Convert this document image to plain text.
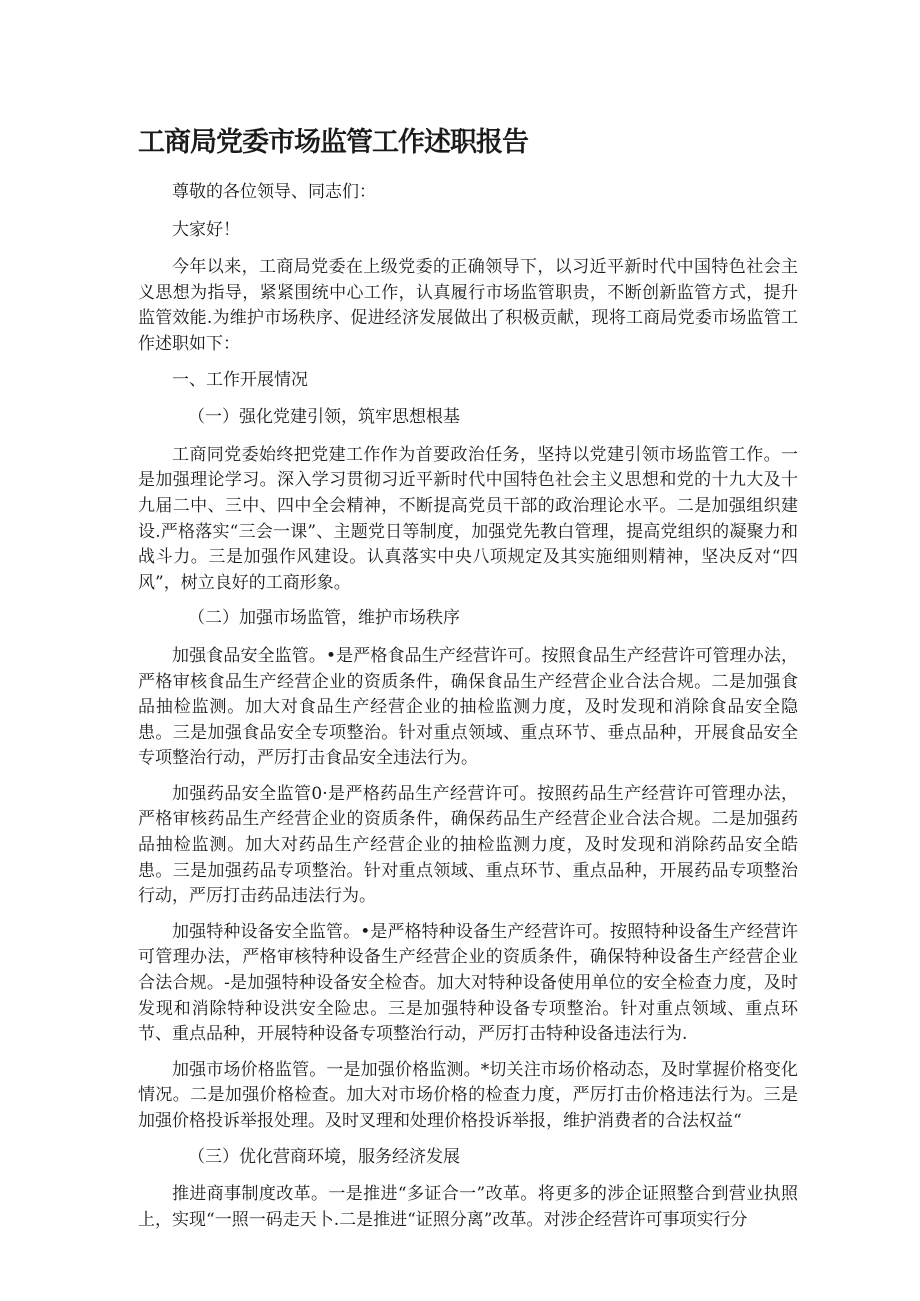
工商局党委市场监管工作述职报告

尊敬的各位领导、同志们：

大家好！

今年以来，工商局党委在上级党委的正确领导下，以习近平新时代中国特色社会主义思想为指导，紧紧围统中心工作，认真履行市场监管职贵，不断创新监管方式，提升监管效能.为维护市场秩序、促进经济发展做出了积极贡献，现将工商局党委市场监管工作述职如下：

一、工作开展情况

（一）强化党建引领，筑牢思想根基

工商同党委始终把党建工作作为首要政治任务，坚持以党建引领市场监管工作。一是加强理论学习。深入学习贯彻习近平新时代中国特色社会主义思想和党的十九大及十九届二中、三中、四中全会精神，不断提高党员干部的政治理论水平。二是加强组织建设.严格落实“三会一课”、主题党日等制度，加强党先教白管理，提高党组织的凝聚力和战斗力。三是加强作风建设。认真落实中央八项规定及其实施细则精神，坚决反对“四风”，树立良好的工商形象。

（二）加强市场监管，维护市场秩序

加强食品安全监管。•是严格食品生产经营许可。按照食品生产经营许可管理办法，严格审核食品生产经营企业的资质条件，确保食品生产经营企业合法合规。二是加强食品抽检监测。加大对食品生产经营企业的抽检监测力度，及时发现和消除食品安全隐患。三是加强食品安全专项整治。针对重点领域、重点环节、垂点品种，开展食品安全专项整治行动，严厉打击食品安全违法行为。

加强药品安全监管0·是严格药品生产经营许可。按照药品生产经营许可管理办法，严格审核药品生产经营企业的资质条件，确保药品生产经营企业合法合规。二是加强药品抽检监测。加大对药品生产经营企业的抽检监测力度，及时发现和消除药品安全皓患。三是加强药品专项整治。针对重点领域、重点环节、重点品种，开展药品专项整治行动，严厉打击药品违法行为。

加强特种设备安全监管。•是严格特种设备生产经营许可。按照特种设备生产经营许可管理办法，严格审核特种设备生产经营企业的资质条件，确保特种设备生产经营企业合法合规。-是加强特种设备安全检杳。加大对特种设备使用单位的安全检查力度，及时发现和消除特种设洪安全险忠。三是加强特种设备专项整治。针对重点领域、重点环节、重点品种，开展特种设备专项整治行动，严厉打击特种设备违法行为.

加强市场价格监管。一是加强价格监测。*切关注市场价格动态，及时掌握价格变化情况。二是加强价格检查。加大对市场价格的检查力度，严厉打击价格违法行为。三是加强价格投诉举报处理。及时叉理和处理价格投诉举报，维护消费者的合法权益“

（三）优化营商环境，服务经济发展

推进商事制度改革。一是推进“多证合一”改革。将更多的涉企证照整合到营业执照上，实现“一照一码走天卜.二是推进“证照分离”改革。对涉企经营许可事项实行分
